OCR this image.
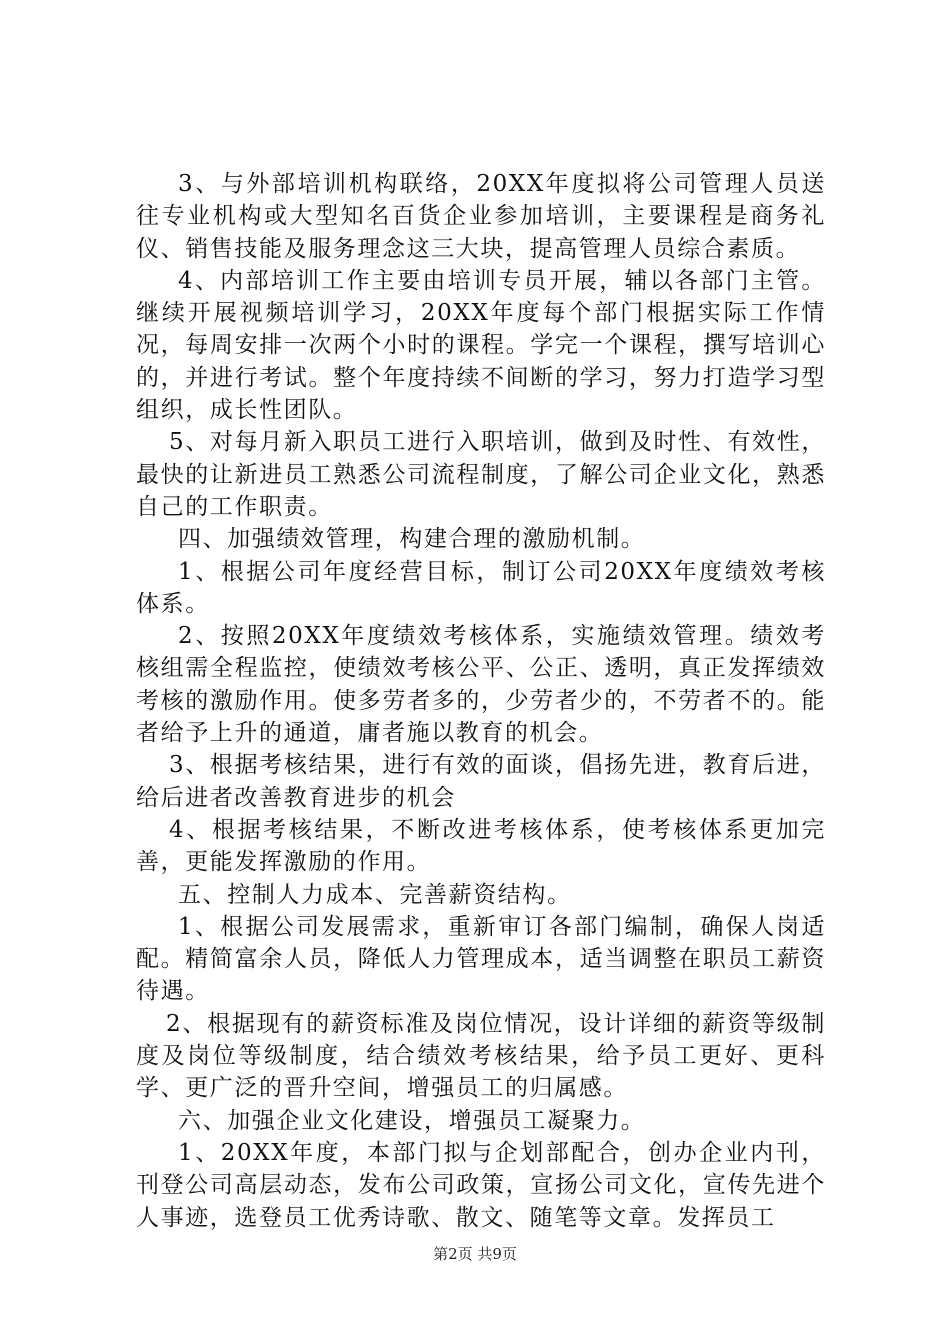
3、与外部培训机构联络，20XX年度拟将公司管理人员送往专业机构或大型知名百货企业参加培训，主要课程是商务礼仪、销售技能及服务理念这三大块，提高管理人员综合素质。

4、内部培训工作主要由培训专员开展，辅以各部门主管。继续开展视频培训学习，20XX年度每个部门根据实际工作情况，每周安排一次两个小时的课程。学完一个课程，撰写培训心的，并进行考试。整个年度持续不间断的学习，努力打造学习型组织，成长性团队。

5、对每月新入职员工进行入职培训，做到及时性、有效性，最快的让新进员工熟悉公司流程制度，了解公司企业文化，熟悉自己的工作职责。

四、加强绩效管理，构建合理的激励机制。

1、根据公司年度经营目标，制订公司20XX年度绩效考核体系。

2、按照20XX年度绩效考核体系，实施绩效管理。绩效考核组需全程监控，使绩效考核公平、公正、透明，真正发挥绩效考核的激励作用。使多劳者多的，少劳者少的，不劳者不的。能者给予上升的通道，庸者施以教育的机会。

3、根据考核结果，进行有效的面谈，倡扬先进，教育后进，给后进者改善教育进步的机会

4、根据考核结果，不断改进考核体系，使考核体系更加完善，更能发挥激励的作用。

五、控制人力成本、完善薪资结构。

1、根据公司发展需求，重新审订各部门编制，确保人岗适配。精简富余人员，降低人力管理成本，适当调整在职员工薪资待遇。

2、根据现有的薪资标准及岗位情况，设计详细的薪资等级制度及岗位等级制度，结合绩效考核结果，给予员工更好、更科学、更广泛的晋升空间，增强员工的归属感。

六、加强企业文化建设，增强员工凝聚力。

1、20XX年度，本部门拟与企划部配合，创办企业内刊，刊登公司高层动态，发布公司政策，宣扬公司文化，宣传先进个人事迹，选登员工优秀诗歌、散文、随笔等文章。发挥员工

第2页 共9页
